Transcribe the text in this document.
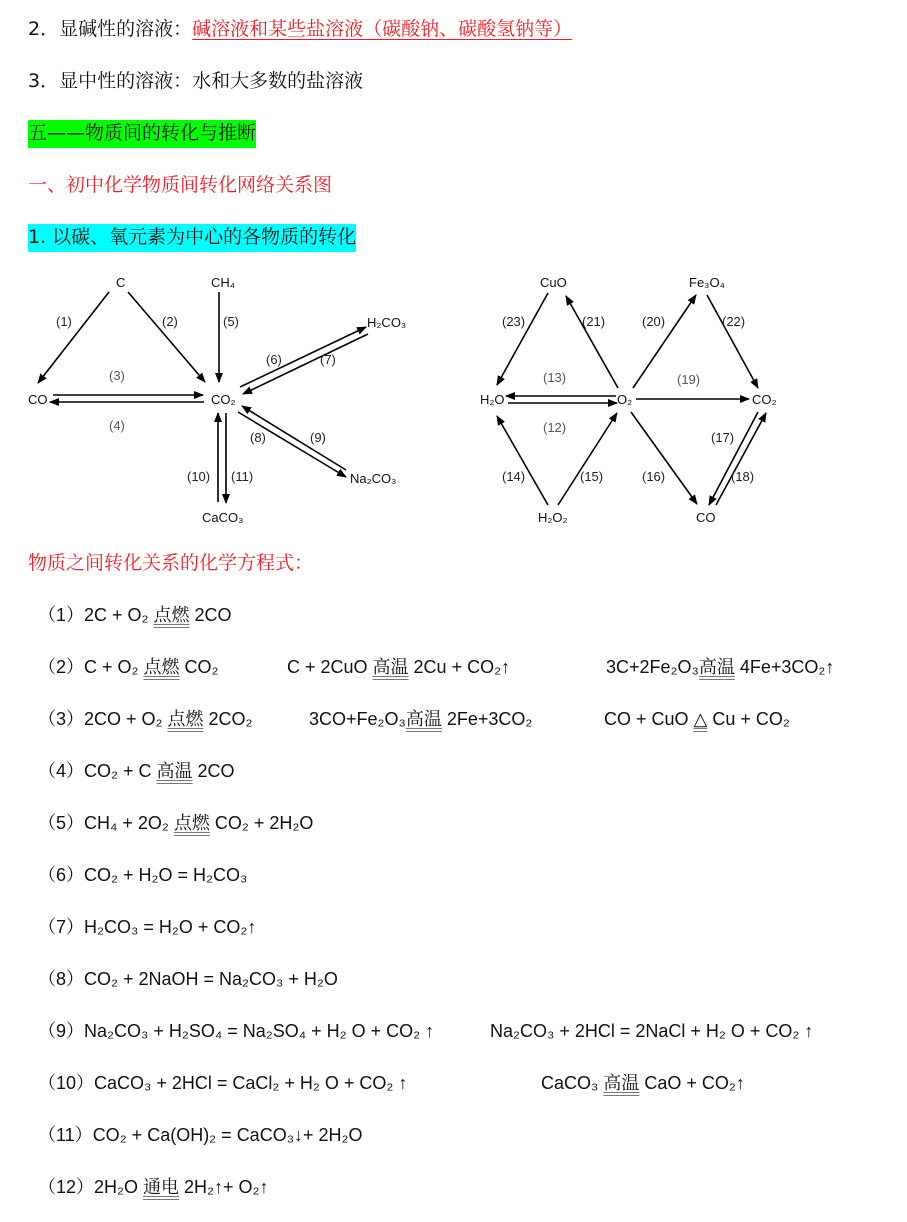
2．显碱性的溶液：碱溶液和某些盐溶液（碳酸钠、碳酸氢钠等）
3．显中性的溶液：水和大多数的盐溶液
五——物质间的转化与推断
一、初中化学物质间转化网络关系图
1. 以碳、氧元素为中心的各物质的转化
C	CH₄
CO	CO₂
H₂CO₃
Na₂CO₃
CaCO₃
(1)	(2)
(3)
(4)
(5)
(6)	(7)
(8)	(9)
(10) (11)
CuO	Fe₃O₄
H₂O	O₂	CO₂
H₂O₂	CO
(12)
(13)
(14)	(15)	(16)
(17)
(18)
(19)
(20)
(21)	(22)
(23)
物质之间转化关系的化学方程式：
（1）2C + O₂ 点燃 2CO
（2）C + O₂ 点燃 CO₂	C + 2CuO 高温 2Cu + CO₂↑	3C+2Fe₂O₃高温 4Fe+3CO₂↑
（3）2CO + O₂ 点燃 2CO₂	3CO+Fe₂O₃高温 2Fe+3CO₂	CO + CuO △ Cu + CO₂
（4）CO₂ + C 高温 2CO
（5）CH₄ + 2O₂ 点燃 CO₂ + 2H₂O
（6）CO₂ + H₂O = H₂CO₃
（7）H₂CO₃ = H₂O + CO₂↑
（8）CO₂ + 2NaOH = Na₂CO₃ + H₂O
（9）Na₂CO₃ + H₂SO₄ = Na₂SO₄ + H₂ O + CO₂ ↑	Na₂CO₃ + 2HCl = 2NaCl + H₂ O + CO₂ ↑
（10）CaCO₃ + 2HCl = CaCl₂ + H₂ O + CO₂ ↑	CaCO₃ 高温 CaO + CO₂↑
（11）CO₂ + Ca(OH)₂ = CaCO₃↓+ 2H₂O
（12）2H₂O 通电 2H₂↑+ O₂↑
